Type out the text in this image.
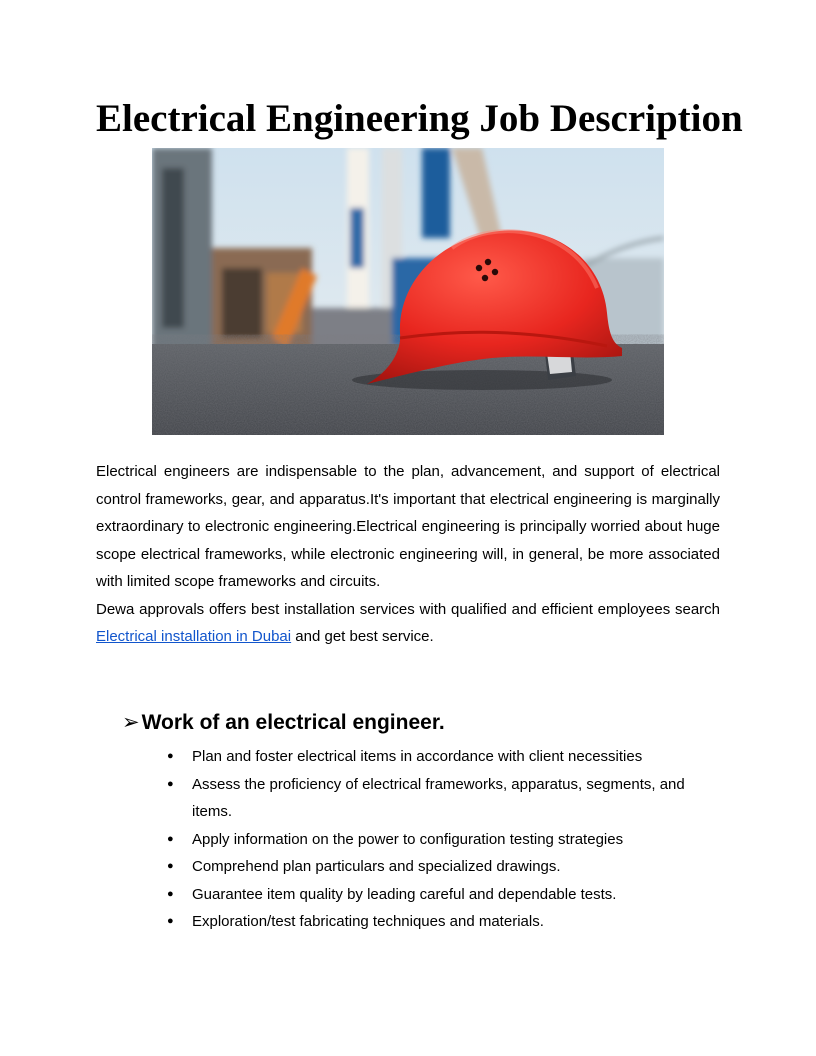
Electrical Engineering Job Description

Electrical engineers are indispensable to the plan, advancement, and support of electrical control frameworks, gear, and apparatus.It's important that electrical engineering is marginally extraordinary to electronic engineering.Electrical engineering is principally worried about huge scope electrical frameworks, while electronic engineering will, in general, be more associated with limited scope frameworks and circuits.

Dewa approvals offers best installation services with qualified and efficient employees search Electrical installation in Dubai and get best service.

➢Work of an electrical engineer.
● Plan and foster electrical items in accordance with client necessities
● Assess the proficiency of electrical frameworks, apparatus, segments, and items.
● Apply information on the power to configuration testing strategies
● Comprehend plan particulars and specialized drawings.
● Guarantee item quality by leading careful and dependable tests.
● Exploration/test fabricating techniques and materials.
